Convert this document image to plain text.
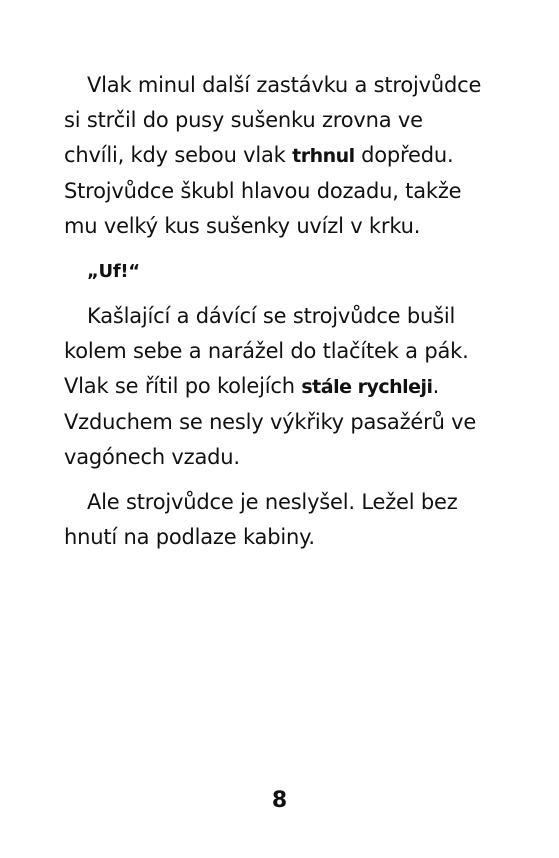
Vlak minul další zastávku a strojvůdce si strčil do pusy sušenku zrovna ve chvíli, kdy sebou vlak trhnul dopředu. Strojvůdce škubl hlavou dozadu, takže mu velký kus sušenky uvízl v krku.

„Uf!“

Kašlající a dávící se strojvůdce bušil kolem sebe a narážel do tlačítek a pák. Vlak se řítil po kolejích stále rychleji. Vzduchem se nesly výkřiky pasažérů ve vagónech vzadu.

Ale strojvůdce je neslyšel. Ležel bez hnutí na podlaze kabiny.

8
